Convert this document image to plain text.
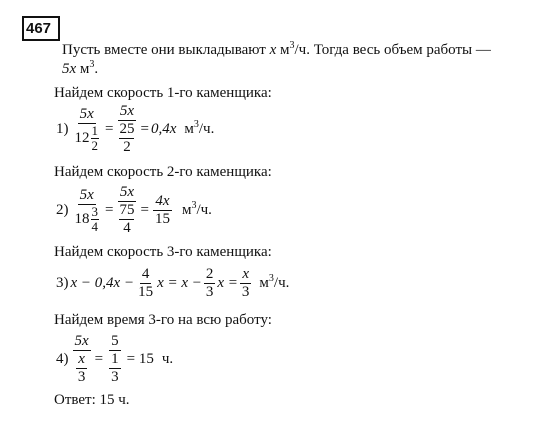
467
Пусть вместе они выкладывают x $м^3/ч$. Тогда весь объем работы —
5x $м^3$.
Найдем скорость 1-го каменщика:
$1) \frac{5x}{12 \frac{1}{2}} = \frac{5x}{\frac{25}{2}} = 0,4x$ $м^3/ч$.
Найдем скорость 2-го каменщика:
$2) \frac{5x}{18 \frac{3}{4}} = \frac{5x}{\frac{75}{4}} = \frac{4x}{15} м^3/ч$.
Найдем скорость 3-го каменщика:
3) $x - 0,4x - \frac{4}{15}$ $x = x - \frac{2}{3}$ $x = \frac{x}{3} м^3/ч$.
Найдем время 3-го на всю работу:
$4) \frac{5x}{\frac{x}{3}} = \frac{5}{\frac{1}{3}} = 15$ ч.
Ответ: 15 ч.
